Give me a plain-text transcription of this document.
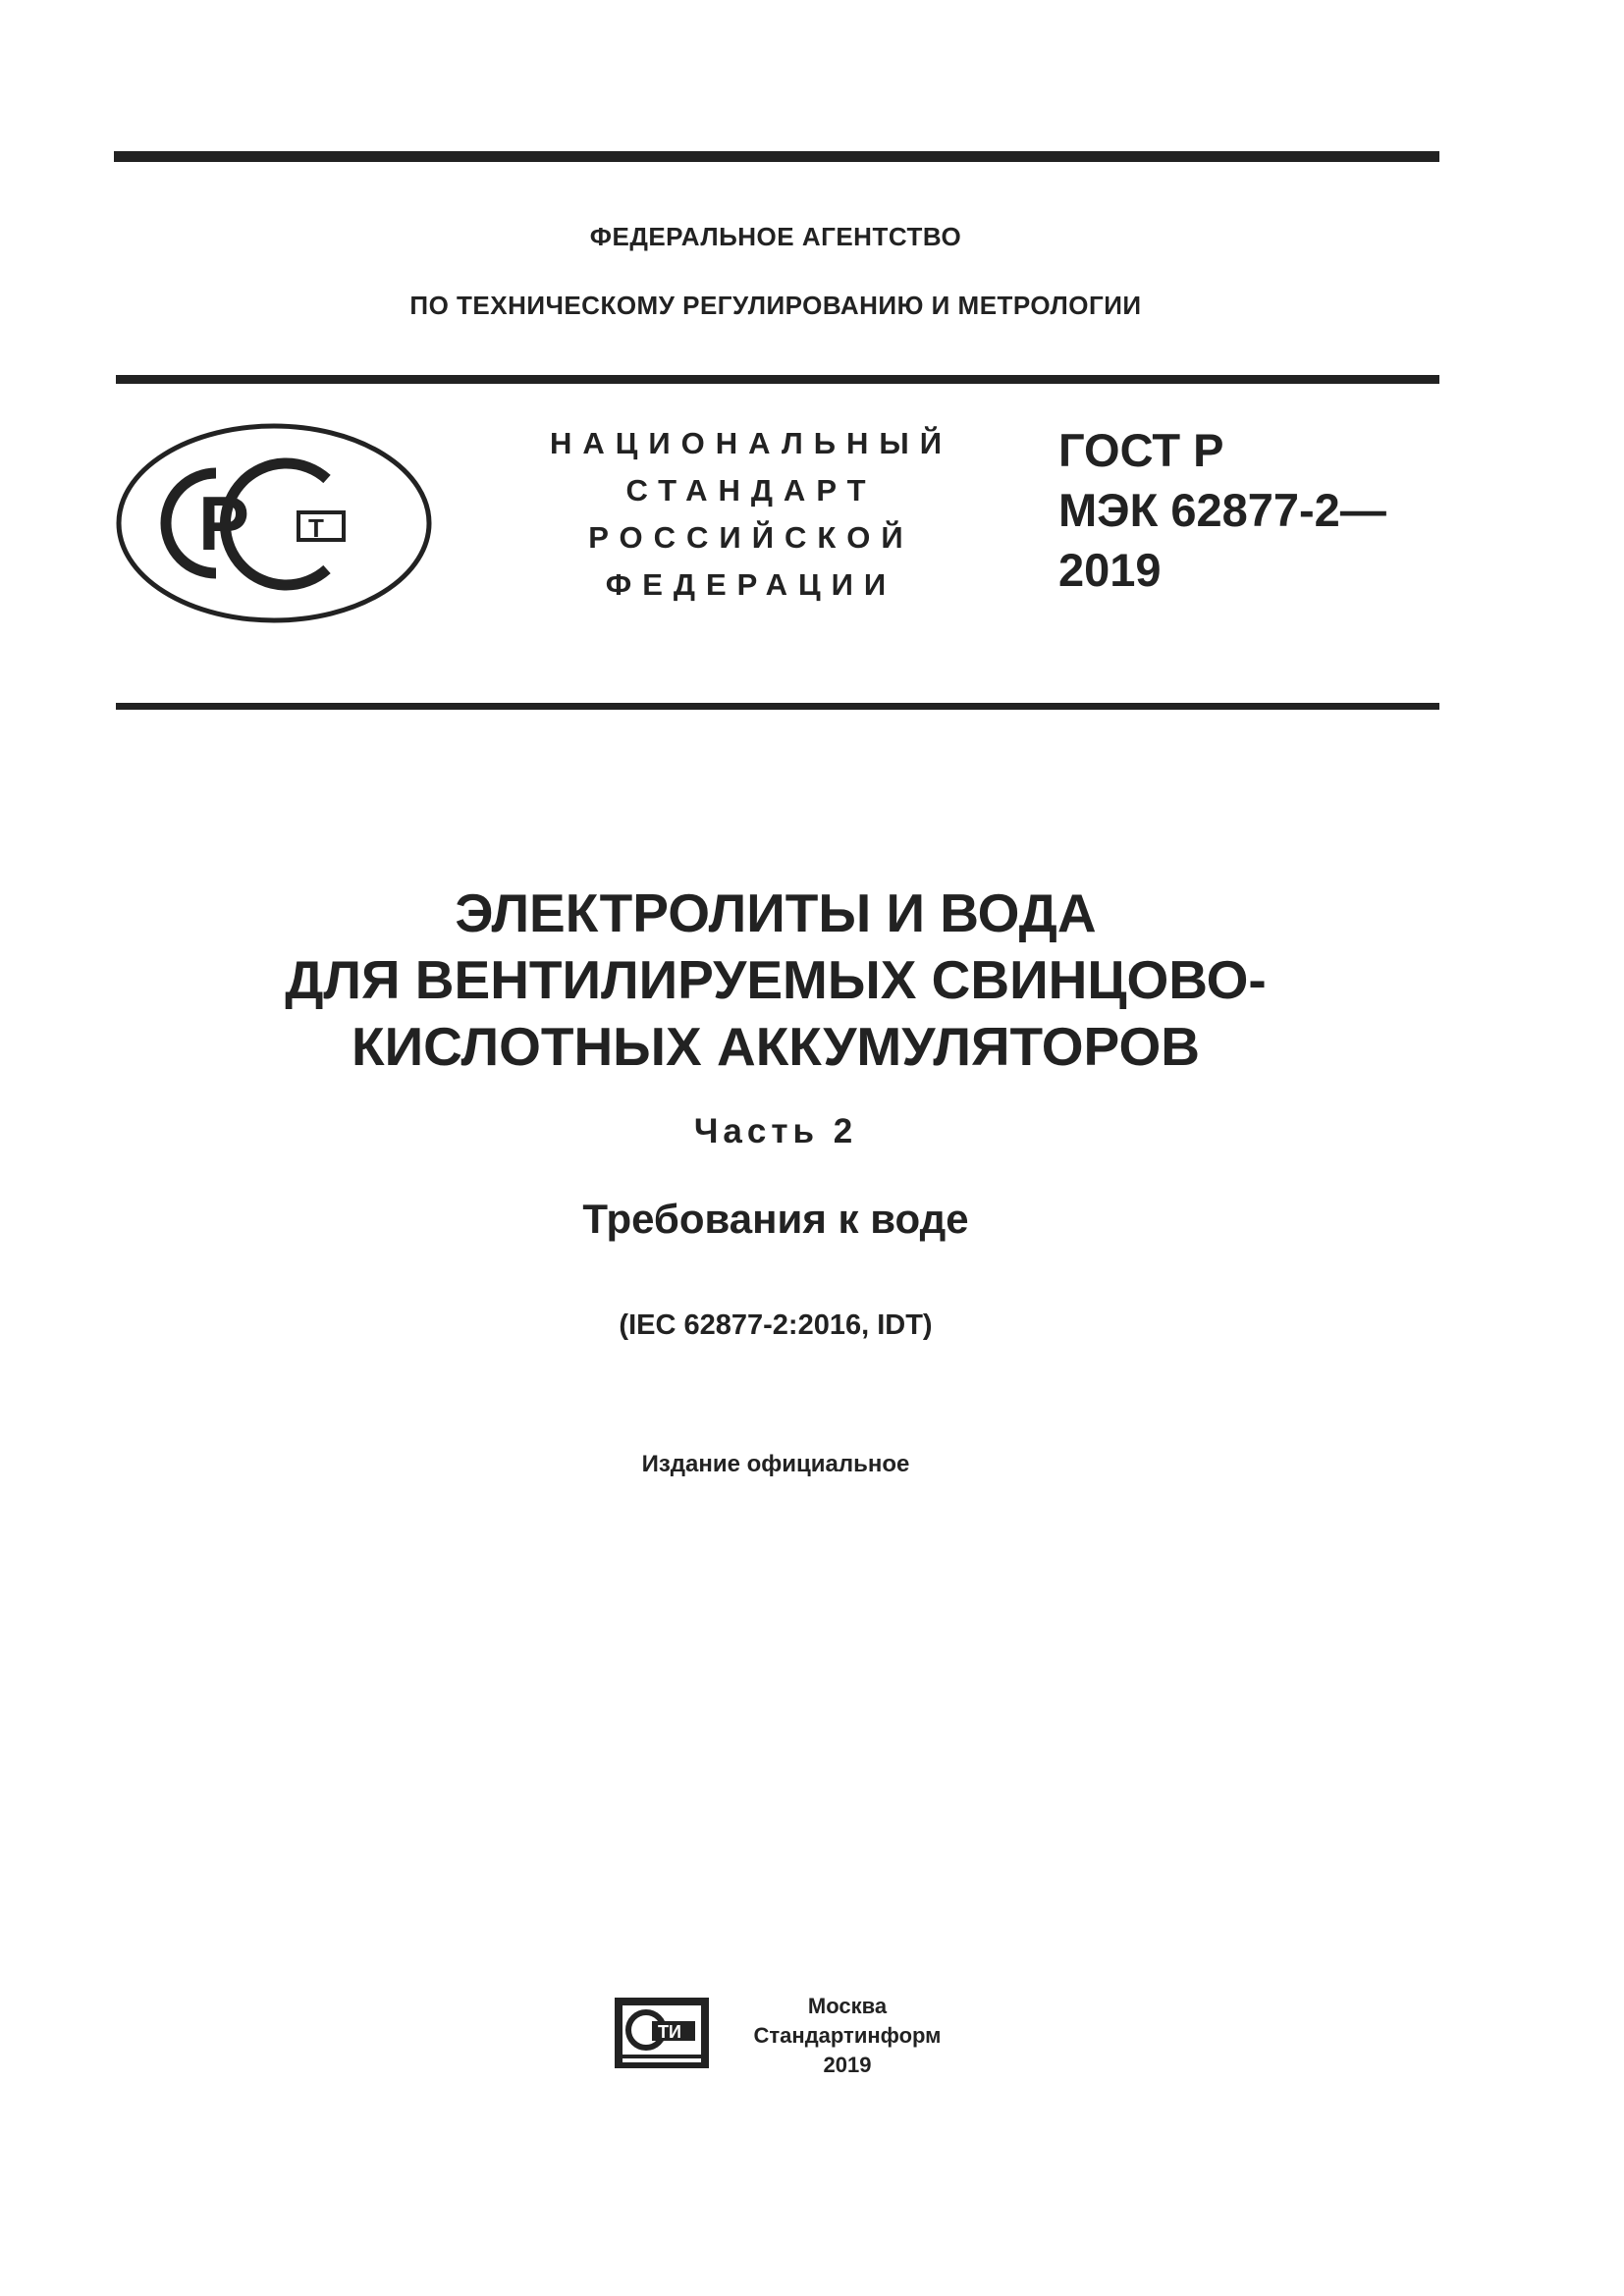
ФЕДЕРАЛЬНОЕ АГЕНТСТВО
ПО ТЕХНИЧЕСКОМУ РЕГУЛИРОВАНИЮ И МЕТРОЛОГИИ
Р Т
НАЦИОНАЛЬНЫЙ
СТАНДАРТ
РОССИЙСКОЙ
ФЕДЕРАЦИИ
ГОСТ Р
МЭК 62877-2—
2019
ЭЛЕКТРОЛИТЫ И ВОДА
ДЛЯ ВЕНТИЛИРУЕМЫХ СВИНЦОВО-
КИСЛОТНЫХ АККУМУЛЯТОРОВ
Часть 2
Требования к воде
(IEC 62877-2:2016, IDT)
Издание официальное
ТИ
Москва
Стандартинформ
2019
